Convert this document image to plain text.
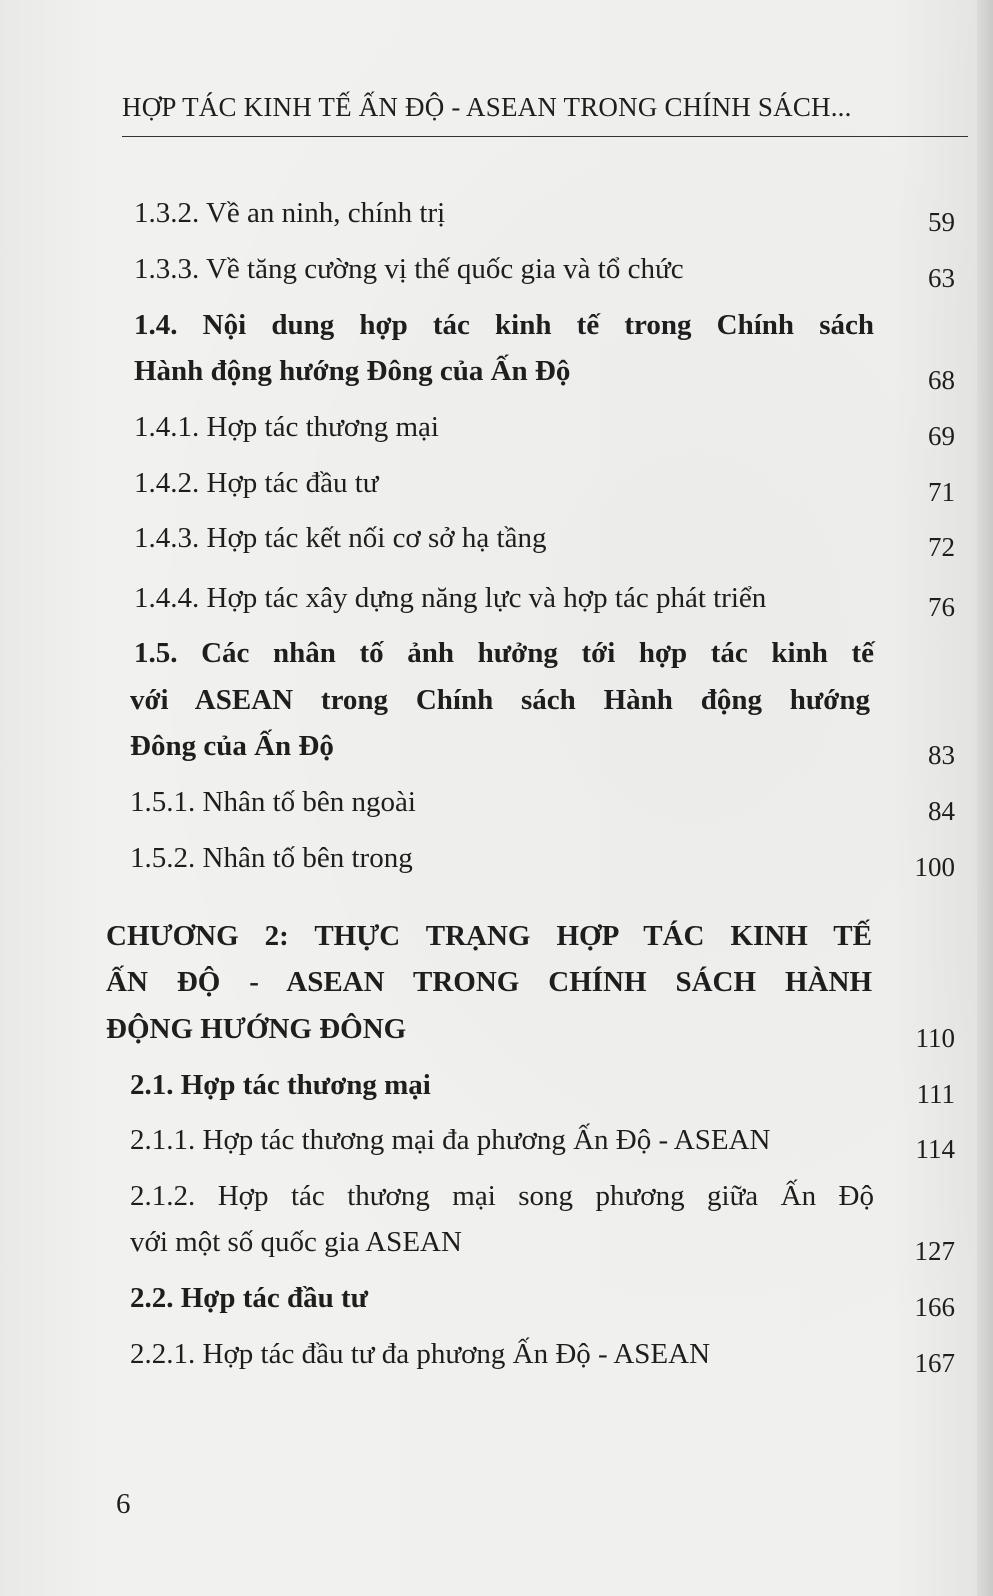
HỢP TÁC KINH TẾ ẤN ĐỘ - ASEAN TRONG CHÍNH SÁCH...
1.3.2. Về an ninh, chính trị	59
1.3.3. Về tăng cường vị thế quốc gia và tổ chức	63
1.4. Nội dung hợp tác kinh tế trong Chính sách
Hành động hướng Đông của Ấn Độ	68
1.4.1. Hợp tác thương mại	69
1.4.2. Hợp tác đầu tư	71
1.4.3. Hợp tác kết nối cơ sở hạ tầng	72
1.4.4. Hợp tác xây dựng năng lực và hợp tác phát triển	76
1.5. Các nhân tố ảnh hưởng tới hợp tác kinh tế
với ASEAN trong Chính sách Hành động hướng
Đông của Ấn Độ	83
1.5.1. Nhân tố bên ngoài	84
1.5.2. Nhân tố bên trong	100
CHƯƠNG 2: THỰC TRẠNG HỢP TÁC KINH TẾ
ẤN ĐỘ - ASEAN TRONG CHÍNH SÁCH HÀNH
ĐỘNG HƯỚNG ĐÔNG	110
2.1. Hợp tác thương mại	111
2.1.1. Hợp tác thương mại đa phương Ấn Độ - ASEAN	114
2.1.2. Hợp tác thương mại song phương giữa Ấn Độ
với một số quốc gia ASEAN	127
2.2. Hợp tác đầu tư	166
2.2.1. Hợp tác đầu tư đa phương Ấn Độ - ASEAN	167
6
